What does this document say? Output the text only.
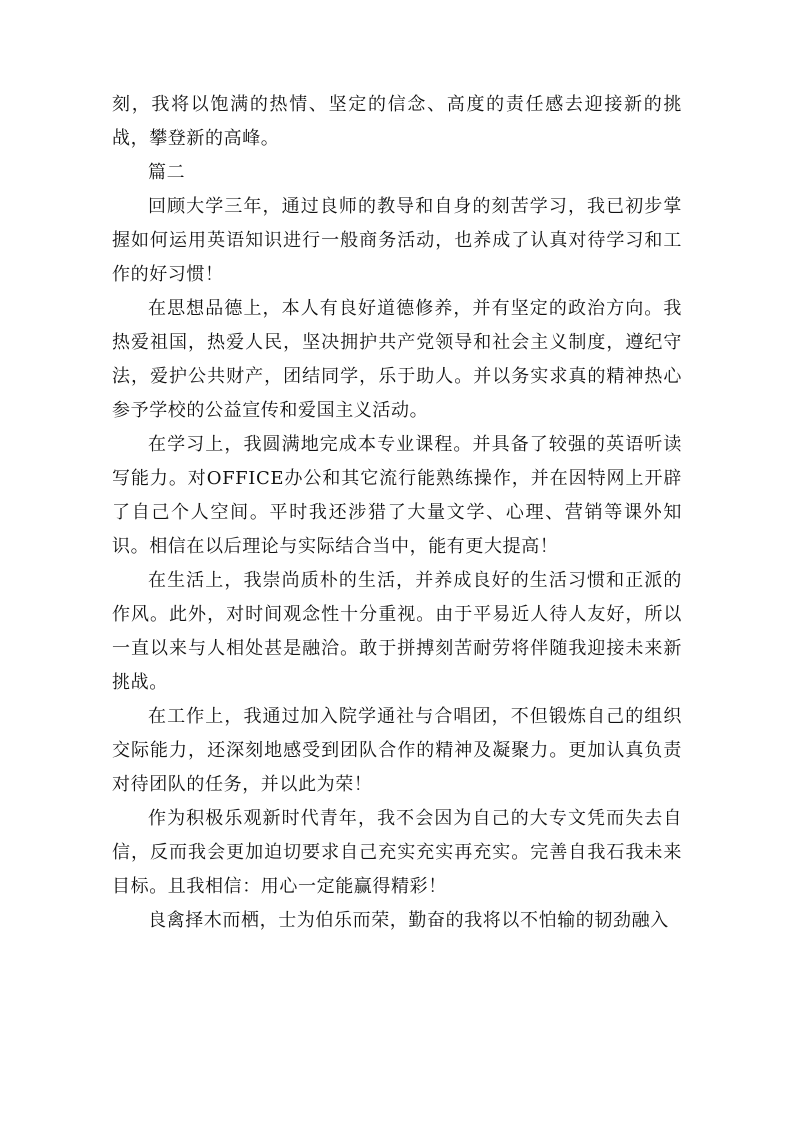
刻，我将以饱满的热情、坚定的信念、高度的责任感去迎接新的挑战，攀登新的高峰。

篇二

回顾大学三年，通过良师的教导和自身的刻苦学习，我已初步掌握如何运用英语知识进行一般商务活动，也养成了认真对待学习和工作的好习惯！

在思想品德上，本人有良好道德修养，并有坚定的政治方向。我热爱祖国，热爱人民，坚决拥护共产党领导和社会主义制度，遵纪守法，爱护公共财产，团结同学，乐于助人。并以务实求真的精神热心参予学校的公益宣传和爱国主义活动。

在学习上，我圆满地完成本专业课程。并具备了较强的英语听读写能力。对OFFICE办公和其它流行能熟练操作，并在因特网上开辟了自己个人空间。平时我还涉猎了大量文学、心理、营销等课外知识。相信在以后理论与实际结合当中，能有更大提高！

在生活上，我崇尚质朴的生活，并养成良好的生活习惯和正派的作风。此外，对时间观念性十分重视。由于平易近人待人友好，所以一直以来与人相处甚是融洽。敢于拼搏刻苦耐劳将伴随我迎接未来新挑战。

在工作上，我通过加入院学通社与合唱团，不但锻炼自己的组织交际能力，还深刻地感受到团队合作的精神及凝聚力。更加认真负责对待团队的任务，并以此为荣！

作为积极乐观新时代青年，我不会因为自己的大专文凭而失去自信，反而我会更加迫切要求自己充实充实再充实。完善自我石我未来目标。且我相信：用心一定能赢得精彩！

良禽择木而栖，士为伯乐而荣，勤奋的我将以不怕输的韧劲融入
